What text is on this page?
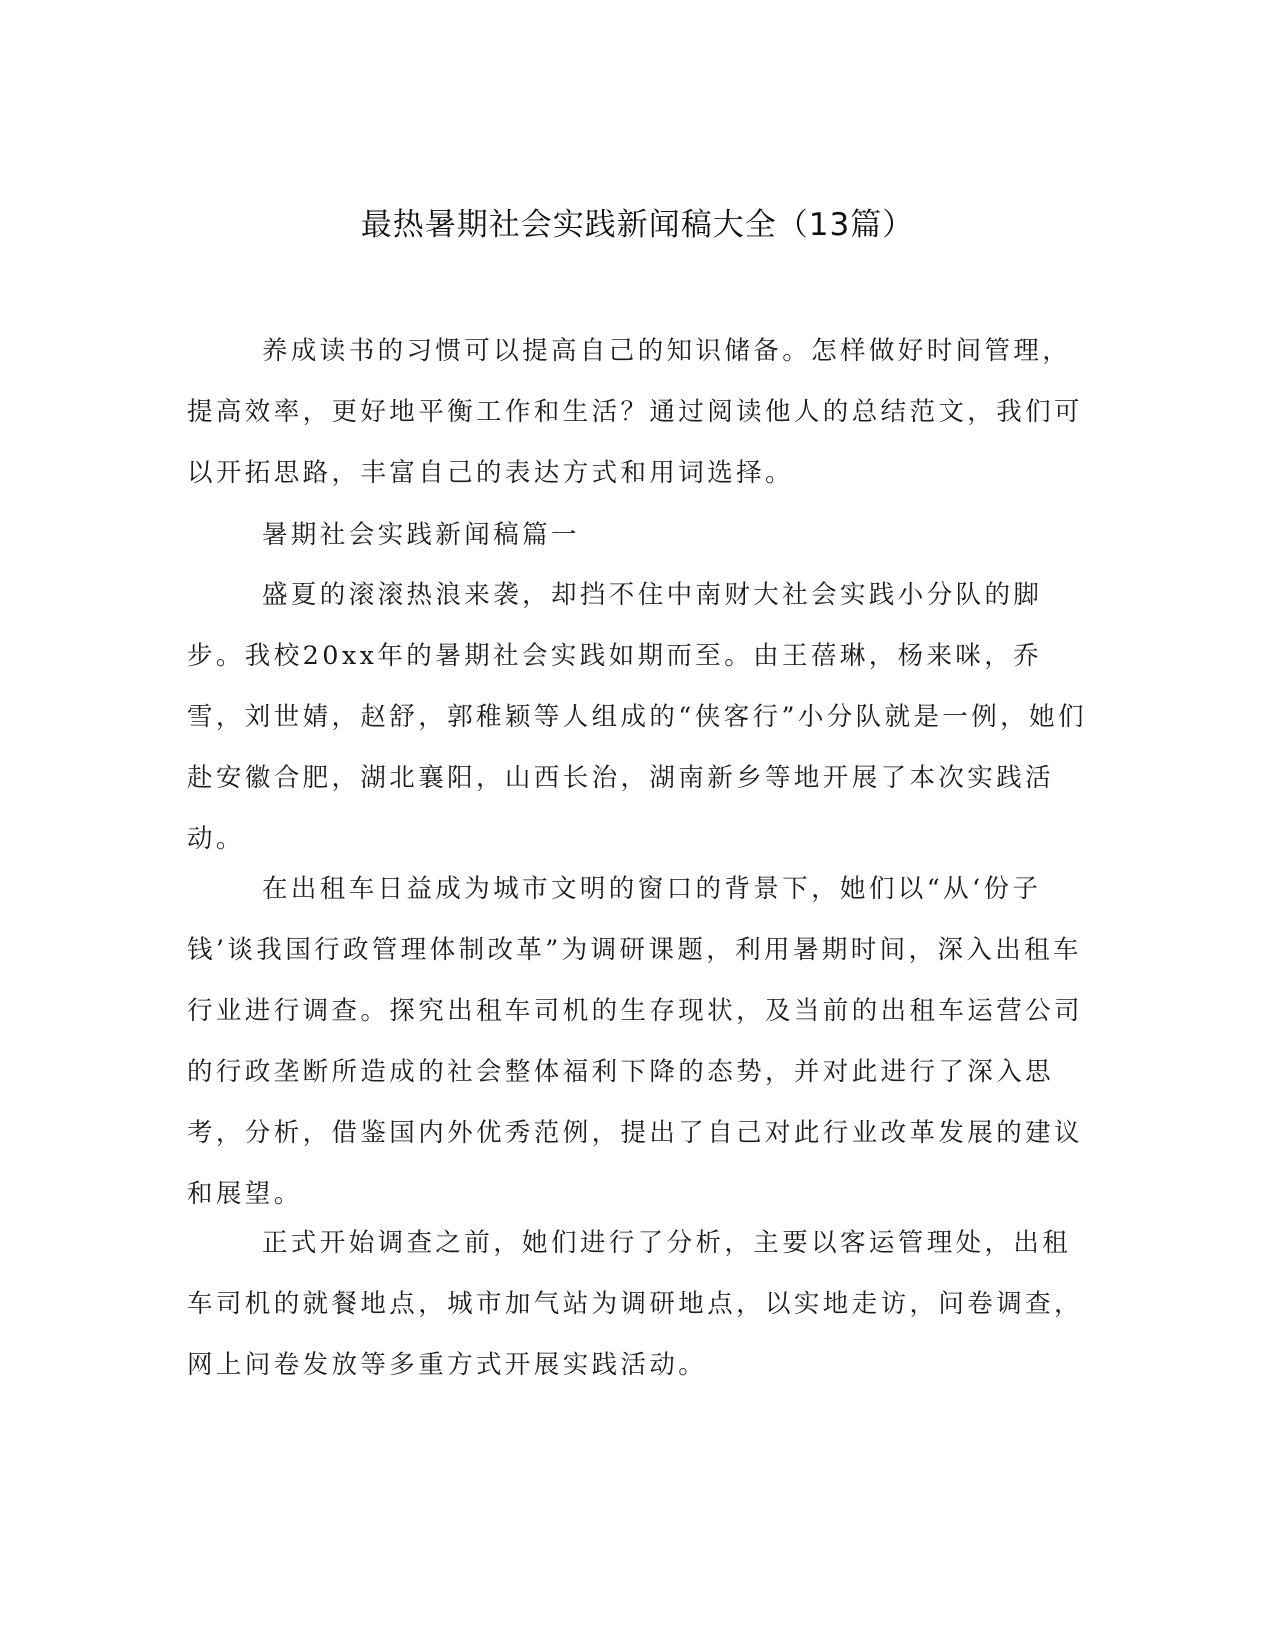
最热暑期社会实践新闻稿大全（13篇）

养成读书的习惯可以提高自己的知识储备。怎样做好时间管理，提高效率，更好地平衡工作和生活？通过阅读他人的总结范文，我们可以开拓思路，丰富自己的表达方式和用词选择。

暑期社会实践新闻稿篇一

盛夏的滚滚热浪来袭，却挡不住中南财大社会实践小分队的脚步。我校20xx年的暑期社会实践如期而至。由王蓓琳，杨来咪，乔雪，刘世婧，赵舒，郭稚颖等人组成的“侠客行”小分队就是一例，她们赴安徽合肥，湖北襄阳，山西长治，湖南新乡等地开展了本次实践活动。

在出租车日益成为城市文明的窗口的背景下，她们以“从‘份子钱’谈我国行政管理体制改革”为调研课题，利用暑期时间，深入出租车行业进行调查。探究出租车司机的生存现状，及当前的出租车运营公司的行政垄断所造成的社会整体福利下降的态势，并对此进行了深入思考，分析，借鉴国内外优秀范例，提出了自己对此行业改革发展的建议和展望。

正式开始调查之前，她们进行了分析，主要以客运管理处，出租车司机的就餐地点，城市加气站为调研地点，以实地走访，问卷调查，网上问卷发放等多重方式开展实践活动。
